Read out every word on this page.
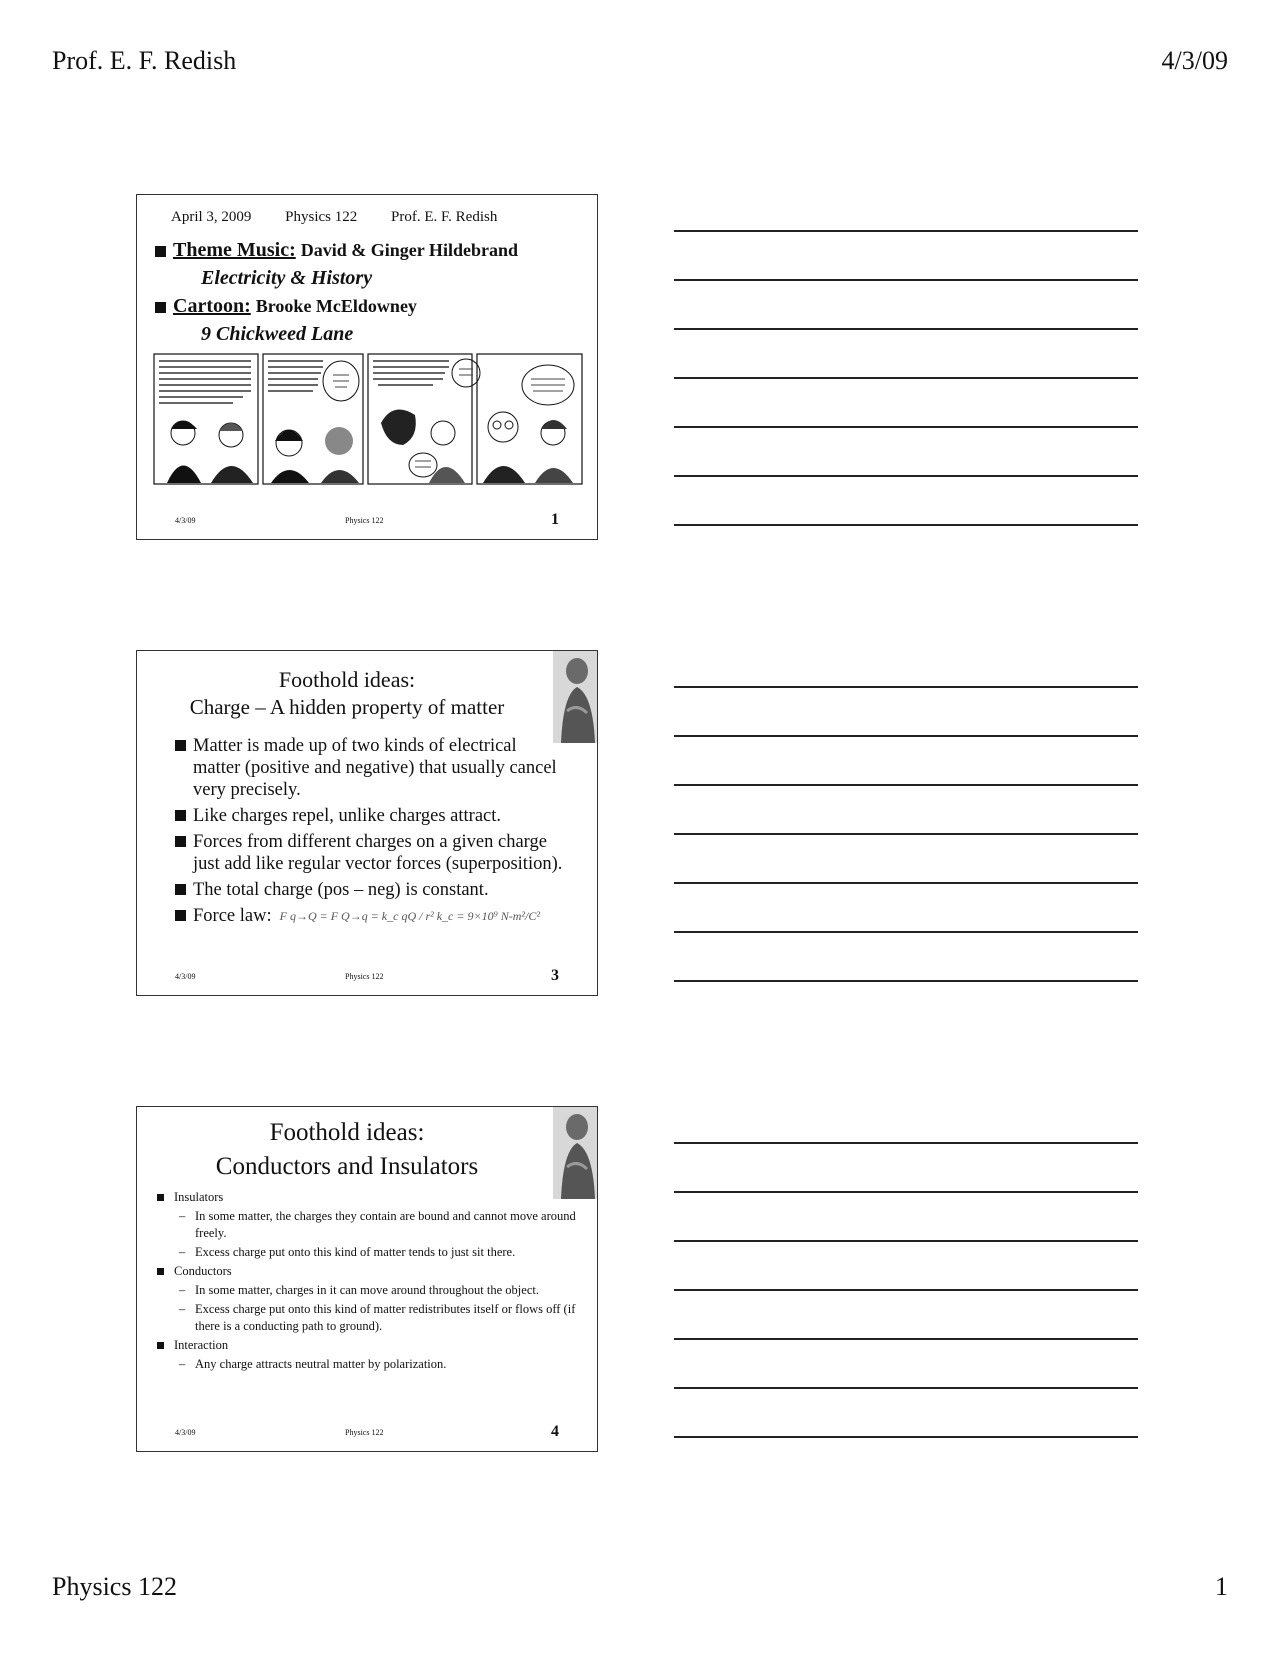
Prof. E. F. Redish	4/3/09
Physics 122	1
April 3, 2009 Physics 122 Prof. E. F. Redish
Theme Music: David & Ginger Hildebrand
Electricity & History
Cartoon: Brooke McEldowney
9 Chickweed Lane
4/3/09	Physics 122	1
Foothold ideas:
Charge – A hidden property of matter
Matter is made up of two kinds of electrical matter (positive and negative) that usually cancel very precisely.
Like charges repel, unlike charges attract.
Forces from different charges on a given charge just add like regular vector forces (superposition).
The total charge (pos – neg) is constant.
Force law: F q→Q = F Q→q = k_c qQ / r² k_c = 9×10⁹ N-m²/C²
4/3/09	Physics 122	3
Foothold ideas:
Conductors and Insulators
Insulators
– In some matter, the charges they contain are bound and cannot move around freely.
– Excess charge put onto this kind of matter tends to just sit there.
Conductors
– In some matter, charges in it can move around throughout the object.
– Excess charge put onto this kind of matter redistributes itself or flows off (if there is a conducting path to ground).
Interaction
– Any charge attracts neutral matter by polarization.
4/3/09	Physics 122	4
